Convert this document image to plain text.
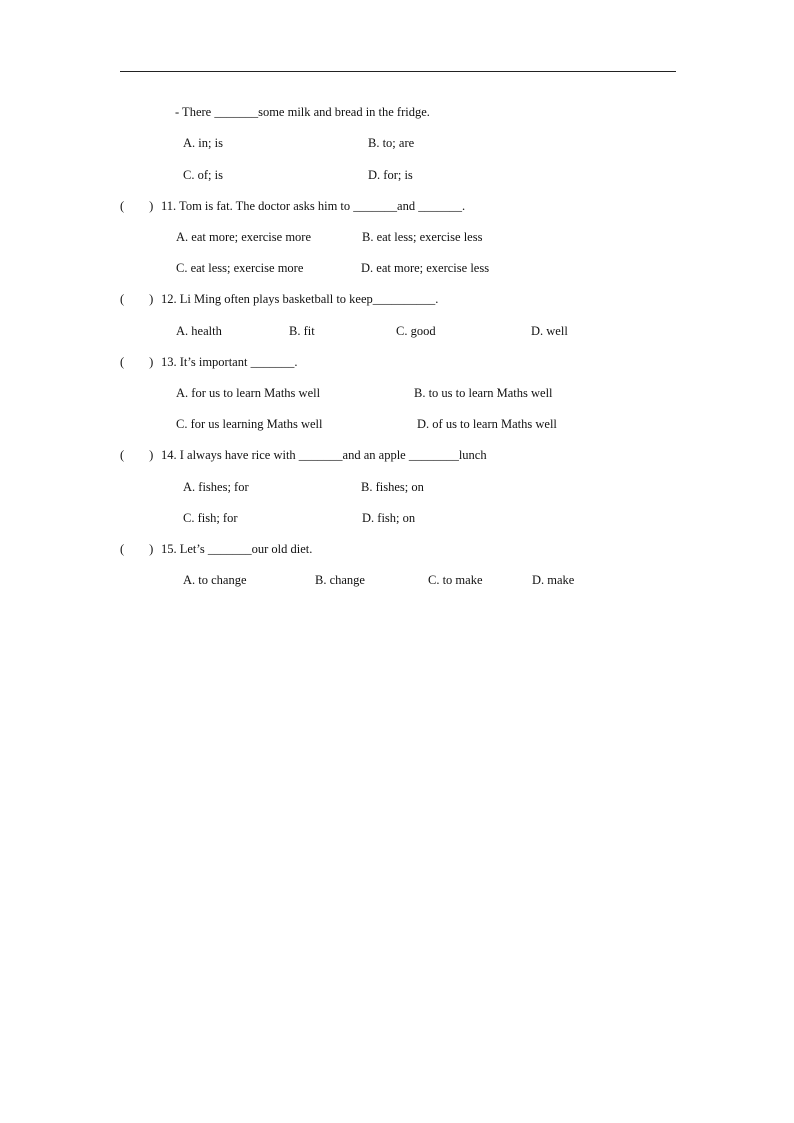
- There _______some milk and bread in the fridge.
A. in; is	B. to; are
C. of; is	D. for; is
(        ) 11. Tom is fat. The doctor asks him to _______and _______.
A. eat more; exercise more	B. eat less; exercise less
C. eat less; exercise more	D. eat more; exercise less
(        ) 12. Li Ming often plays basketball to keep__________.
A. health	B. fit	C. good	D. well
(        ) 13. It’s important _______.
A. for us to learn Maths well	B. to us to learn Maths well
C. for us learning Maths well	D. of us to learn Maths well
(        ) 14. I always have rice with _______and an apple ________lunch
A. fishes; for	B. fishes; on
C. fish; for	D. fish; on
(        ) 15. Let’s _______our old diet.
A. to change	B. change	C. to make	D. make
